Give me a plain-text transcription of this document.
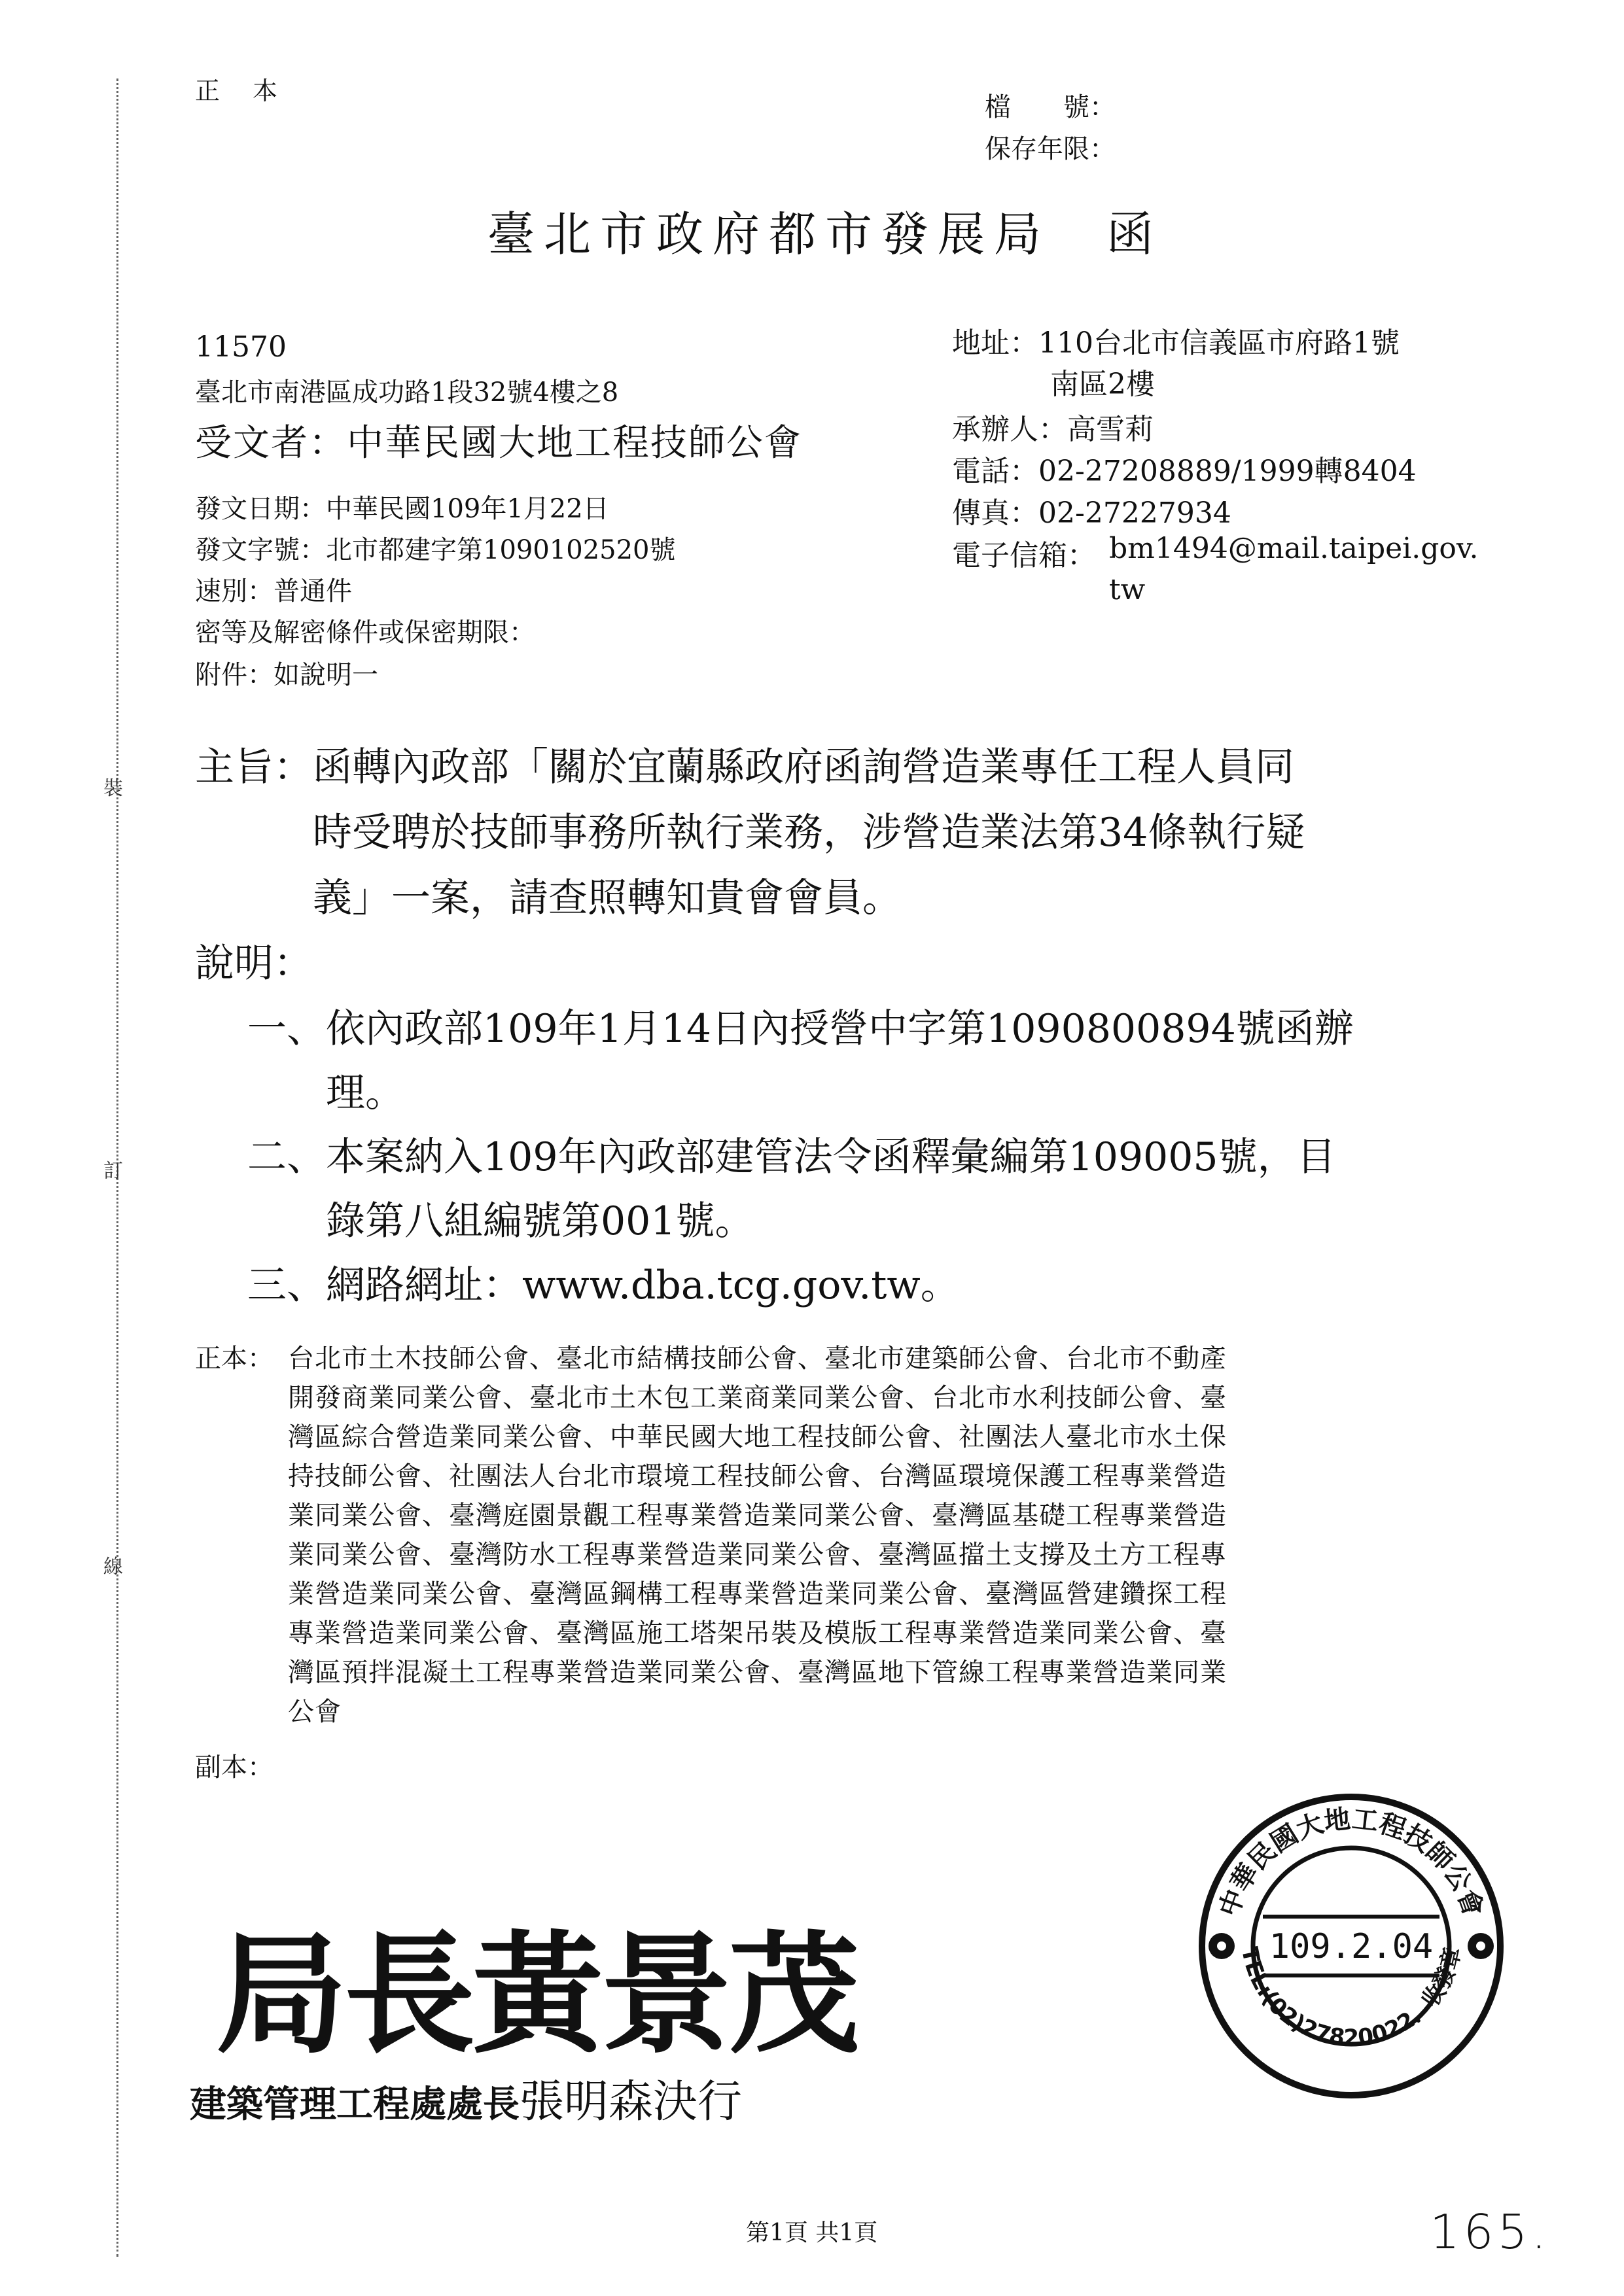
裝
訂
線
正　本
檔　　號：
保存年限：
臺北市政府都市發展局　函
11570
臺北市南港區成功路1段32號4樓之8
受文者：中華民國大地工程技師公會
地址：110台北市信義區市府路1號
南區2樓
承辦人：高雪莉
電話：02-27208889/1999轉8404
傳真：02-27227934
電子信箱： bm1494@mail.taipei.gov.
tw
發文日期：中華民國109年1月22日
發文字號：北市都建字第1090102520號
速別：普通件
密等及解密條件或保密期限：
附件：如說明一
主旨： 函轉內政部「關於宜蘭縣政府函詢營造業專任工程人員同
時受聘於技師事務所執行業務，涉營造業法第34條執行疑
義」一案，請查照轉知貴會會員。
說明：
一、依內政部109年1月14日內授營中字第1090800894號函辦
理。
二、本案納入109年內政部建管法令函釋彙編第109005號，目
錄第八組編號第001號。
三、網路網址：www.dba.tcg.gov.tw。
正本： 台北市土木技師公會、臺北市結構技師公會、臺北市建築師公會、台北市不動產
開發商業同業公會、臺北市土木包工業商業同業公會、台北市水利技師公會、臺
灣區綜合營造業同業公會、中華民國大地工程技師公會、社團法人臺北市水土保
持技師公會、社團法人台北市環境工程技師公會、台灣區環境保護工程專業營造
業同業公會、臺灣庭園景觀工程專業營造業同業公會、臺灣區基礎工程專業營造
業同業公會、臺灣防水工程專業營造業同業公會、臺灣區擋土支撐及土方工程專
業營造業同業公會、臺灣區鋼構工程專業營造業同業公會、臺灣區營建鑽探工程
專業營造業同業公會、臺灣區施工塔架吊裝及模版工程專業營造業同業公會、臺
灣區預拌混凝土工程專業營造業同業公會、臺灣區地下管線工程專業營造業同業
公會
副本：
局長黃景茂
建築管理工程處處長張明森決行
中華民國大地工程技師公會
TEL:(02)27820022．收發章
109.2.04
第1頁 共1頁	165.
